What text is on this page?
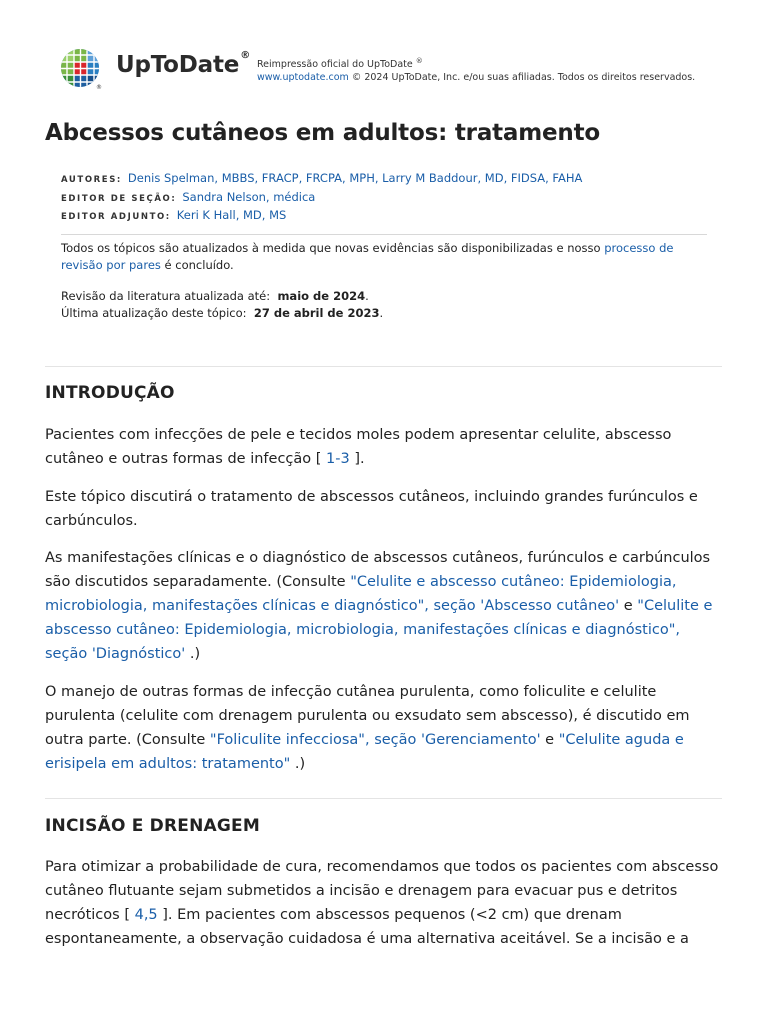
®
UpToDate®
Reimpressão oficial do UpToDate ®
www.uptodate.com © 2024 UpToDate, Inc. e/ou suas afiliadas. Todos os direitos reservados.
Abcessos cutâneos em adultos: tratamento
AUTORES: Denis Spelman, MBBS, FRACP, FRCPA, MPH, Larry M Baddour, MD, FIDSA, FAHA
EDITOR DE SEÇÃO: Sandra Nelson, médica
EDITOR ADJUNTO: Keri K Hall, MD, MS
Todos os tópicos são atualizados à medida que novas evidências são disponibilizadas e nosso processo de revisão por pares é concluído.
Revisão da literatura atualizada até: maio de 2024.
Última atualização deste tópico: 27 de abril de 2023.
INTRODUÇÃO

Pacientes com infecções de pele e tecidos moles podem apresentar celulite, abscesso cutâneo e outras formas de infecção [ 1-3 ].

Este tópico discutirá o tratamento de abscessos cutâneos, incluindo grandes furúnculos e carbúnculos.

As manifestações clínicas e o diagnóstico de abscessos cutâneos, furúnculos e carbúnculos são discutidos separadamente. (Consulte "Celulite e abscesso cutâneo: Epidemiologia, microbiologia, manifestações clínicas e diagnóstico", seção 'Abscesso cutâneo' e "Celulite e abscesso cutâneo: Epidemiologia, microbiologia, manifestações clínicas e diagnóstico", seção 'Diagnóstico' .)

O manejo de outras formas de infecção cutânea purulenta, como foliculite e celulite purulenta (celulite com drenagem purulenta ou exsudato sem abscesso), é discutido em outra parte. (Consulte "Foliculite infecciosa", seção 'Gerenciamento' e "Celulite aguda e erisipela em adultos: tratamento" .)

INCISÃO E DRENAGEM

Para otimizar a probabilidade de cura, recomendamos que todos os pacientes com abscesso cutâneo flutuante sejam submetidos a incisão e drenagem para evacuar pus e detritos necróticos [ 4,5 ]. Em pacientes com abscessos pequenos (<2 cm) que drenam espontaneamente, a observação cuidadosa é uma alternativa aceitável. Se a incisão e a
